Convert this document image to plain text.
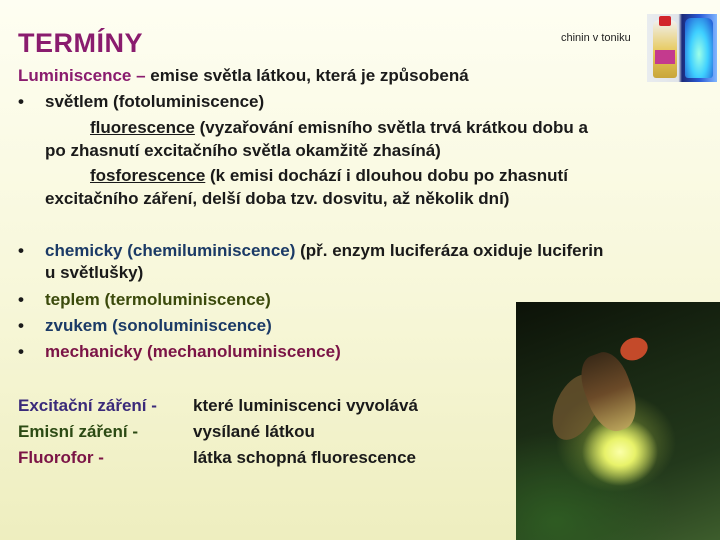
TERMÍNY	chinin v toniku
Luminiscence – emise světla látkou, která je způsobená
• světlem (fotoluminiscence)
fluorescence (vyzařování emisního světla trvá krátkou dobu a
po zhasnutí excitačního světla okamžitě zhasíná)
fosforescence (k emisi dochází i dlouhou dobu po zhasnutí
excitačního záření, delší doba tzv. dosvitu, až několik dní)
• chemicky (chemiluminiscence) (př. enzym luciferáza oxiduje luciferin
u světlušky)
• teplem (termoluminiscence)
• zvukem (sonoluminiscence)
• mechanicky (mechanoluminiscence)
Excitační záření - které luminiscenci vyvolává
Emisní záření -	vysílané látkou
Fluorofor -	látka schopná fluorescence
